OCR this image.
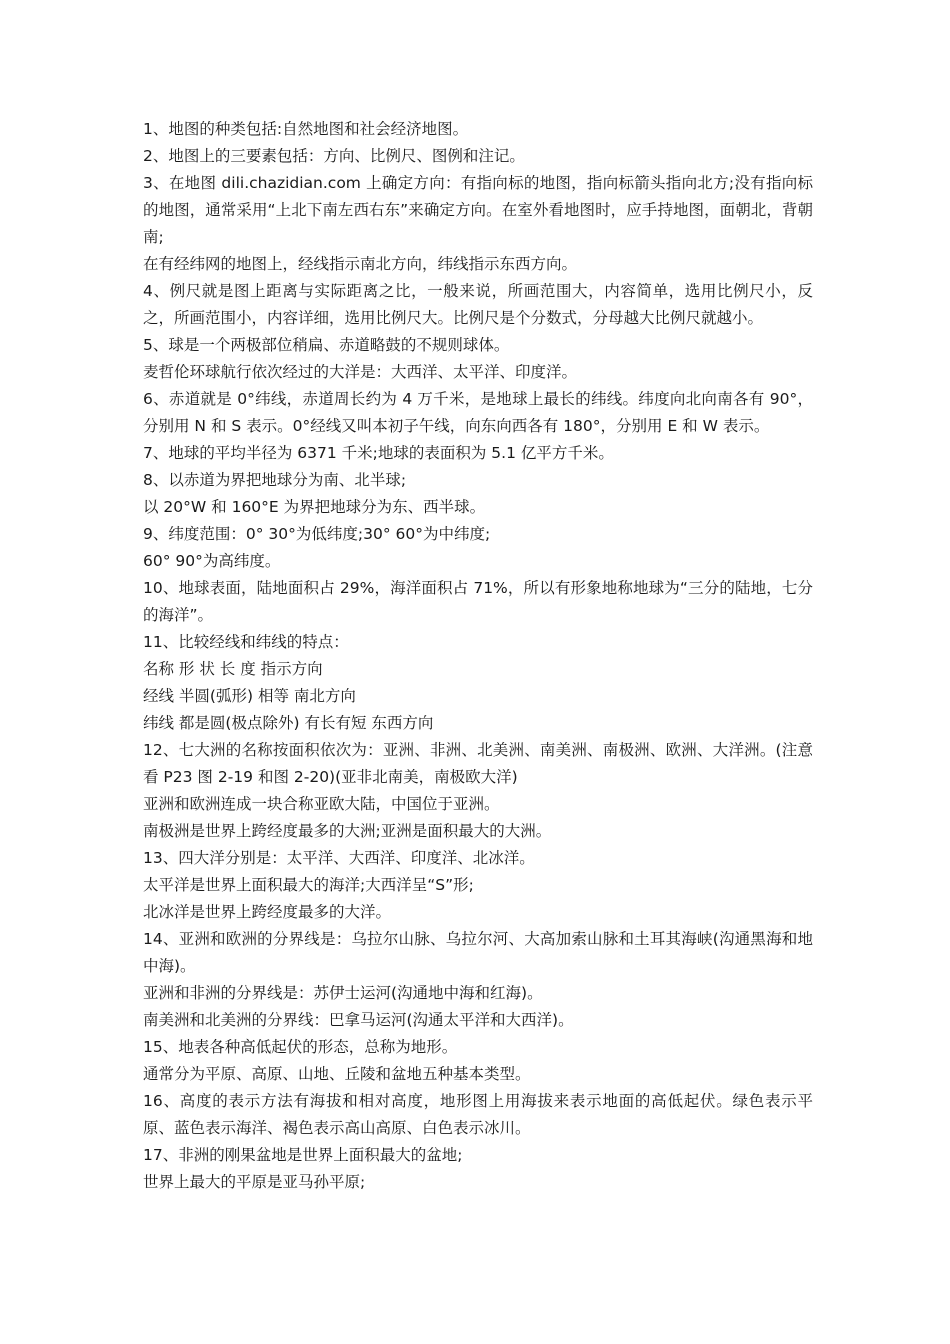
1、地图的种类包括:自然地图和社会经济地图。

2、地图上的三要素包括：方向、比例尺、图例和注记。

3、在地图 dili.chazidian.com 上确定方向：有指向标的地图，指向标箭头指向北方;没有指向标的地图，通常采用“上北下南左西右东”来确定方向。在室外看地图时，应手持地图，面朝北，背朝南;

在有经纬网的地图上，经线指示南北方向，纬线指示东西方向。

4、例尺就是图上距离与实际距离之比，一般来说，所画范围大，内容简单，选用比例尺小，反之，所画范围小，内容详细，选用比例尺大。比例尺是个分数式，分母越大比例尺就越小。

5、球是一个两极部位稍扁、赤道略鼓的不规则球体。

麦哲伦环球航行依次经过的大洋是：大西洋、太平洋、印度洋。

6、赤道就是 0°纬线，赤道周长约为 4 万千米，是地球上最长的纬线。纬度向北向南各有 90°，分别用 N 和 S 表示。0°经线又叫本初子午线，向东向西各有 180°，分别用 E 和 W 表示。

7、地球的平均半径为 6371 千米;地球的表面积为 5.1 亿平方千米。

8、以赤道为界把地球分为南、北半球;

以 20°W 和 160°E 为界把地球分为东、西半球。

9、纬度范围：0° 30°为低纬度;30° 60°为中纬度;

60° 90°为高纬度。

10、地球表面，陆地面积占 29%，海洋面积占 71%，所以有形象地称地球为“三分的陆地，七分的海洋”。

11、比较经线和纬线的特点：

名称 形 状 长 度 指示方向

经线 半圆(弧形) 相等 南北方向

纬线 都是圆(极点除外) 有长有短 东西方向

12、七大洲的名称按面积依次为：亚洲、非洲、北美洲、南美洲、南极洲、欧洲、大洋洲。(注意看 P23 图 2-19 和图 2-20)(亚非北南美，南极欧大洋)

亚洲和欧洲连成一块合称亚欧大陆，中国位于亚洲。

南极洲是世界上跨经度最多的大洲;亚洲是面积最大的大洲。

13、四大洋分别是：太平洋、大西洋、印度洋、北冰洋。

太平洋是世界上面积最大的海洋;大西洋呈“S”形;

北冰洋是世界上跨经度最多的大洋。

14、亚洲和欧洲的分界线是：乌拉尔山脉、乌拉尔河、大高加索山脉和土耳其海峡(沟通黑海和地中海)。

亚洲和非洲的分界线是：苏伊士运河(沟通地中海和红海)。

南美洲和北美洲的分界线：巴拿马运河(沟通太平洋和大西洋)。

15、地表各种高低起伏的形态，总称为地形。

通常分为平原、高原、山地、丘陵和盆地五种基本类型。

16、高度的表示方法有海拔和相对高度，地形图上用海拔来表示地面的高低起伏。绿色表示平原、蓝色表示海洋、褐色表示高山高原、白色表示冰川。

17、非洲的刚果盆地是世界上面积最大的盆地;

世界上最大的平原是亚马孙平原;
